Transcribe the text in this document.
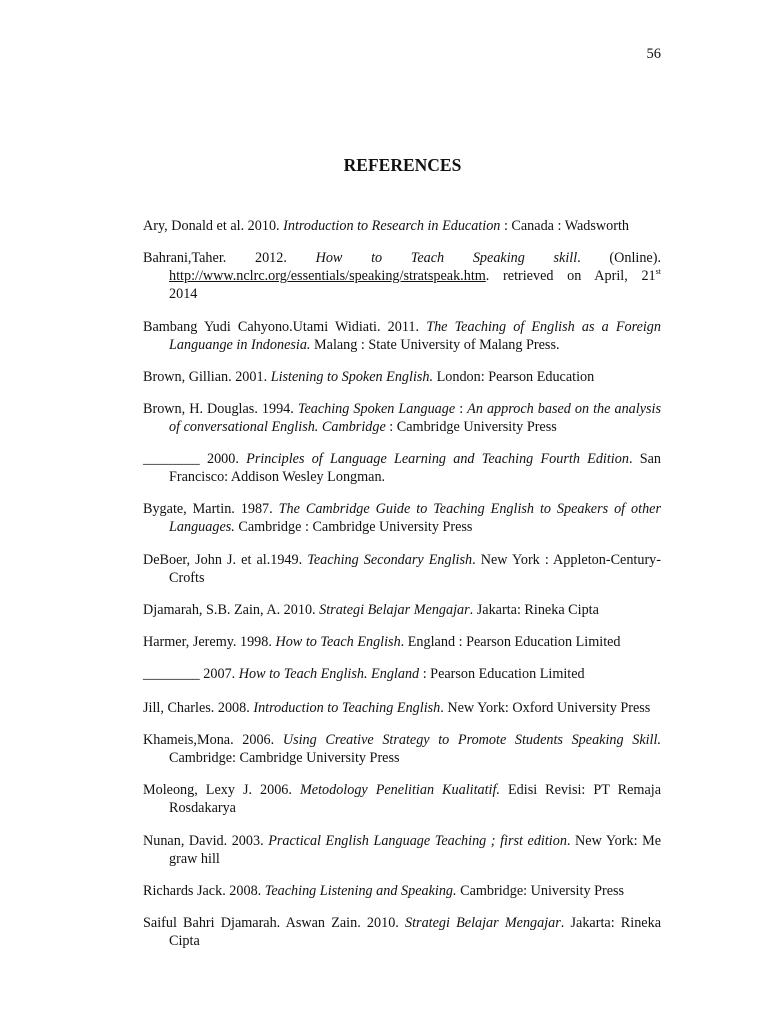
56
REFERENCES

Ary, Donald et al. 2010. Introduction to Research in Education : Canada : Wadsworth

Bahrani,Taher. 2012. How to Teach Speaking skill. (Online). http://www.nclrc.org/essentials/speaking/stratspeak.htm. retrieved on April, 21st 2014

Bambang Yudi Cahyono.Utami Widiati. 2011. The Teaching of English as a Foreign Languange in Indonesia. Malang : State University of Malang Press.

Brown, Gillian. 2001. Listening to Spoken English. London: Pearson Education

Brown, H. Douglas. 1994. Teaching Spoken Language : An approch based on the analysis of conversational English. Cambridge : Cambridge University Press

________ 2000. Principles of Language Learning and Teaching Fourth Edition. San Francisco: Addison Wesley Longman.

Bygate, Martin. 1987. The Cambridge Guide to Teaching English to Speakers of other Languages. Cambridge : Cambridge University Press

DeBoer, John J. et al.1949. Teaching Secondary English. New York : Appleton-Century-Crofts

Djamarah, S.B. Zain, A. 2010. Strategi Belajar Mengajar. Jakarta: Rineka Cipta

Harmer, Jeremy. 1998. How to Teach English. England : Pearson Education Limited

________ 2007. How to Teach English. England : Pearson Education Limited

Jill, Charles. 2008. Introduction to Teaching English. New York: Oxford University Press

Khameis,Mona. 2006. Using Creative Strategy to Promote Students Speaking Skill. Cambridge: Cambridge University Press

Moleong, Lexy J. 2006. Metodology Penelitian Kualitatif. Edisi Revisi: PT Remaja Rosdakarya

Nunan, David. 2003. Practical English Language Teaching ; first edition. New York: Me graw hill

Richards Jack. 2008. Teaching Listening and Speaking. Cambridge: University Press

Saiful Bahri Djamarah. Aswan Zain. 2010. Strategi Belajar Mengajar. Jakarta: Rineka Cipta
